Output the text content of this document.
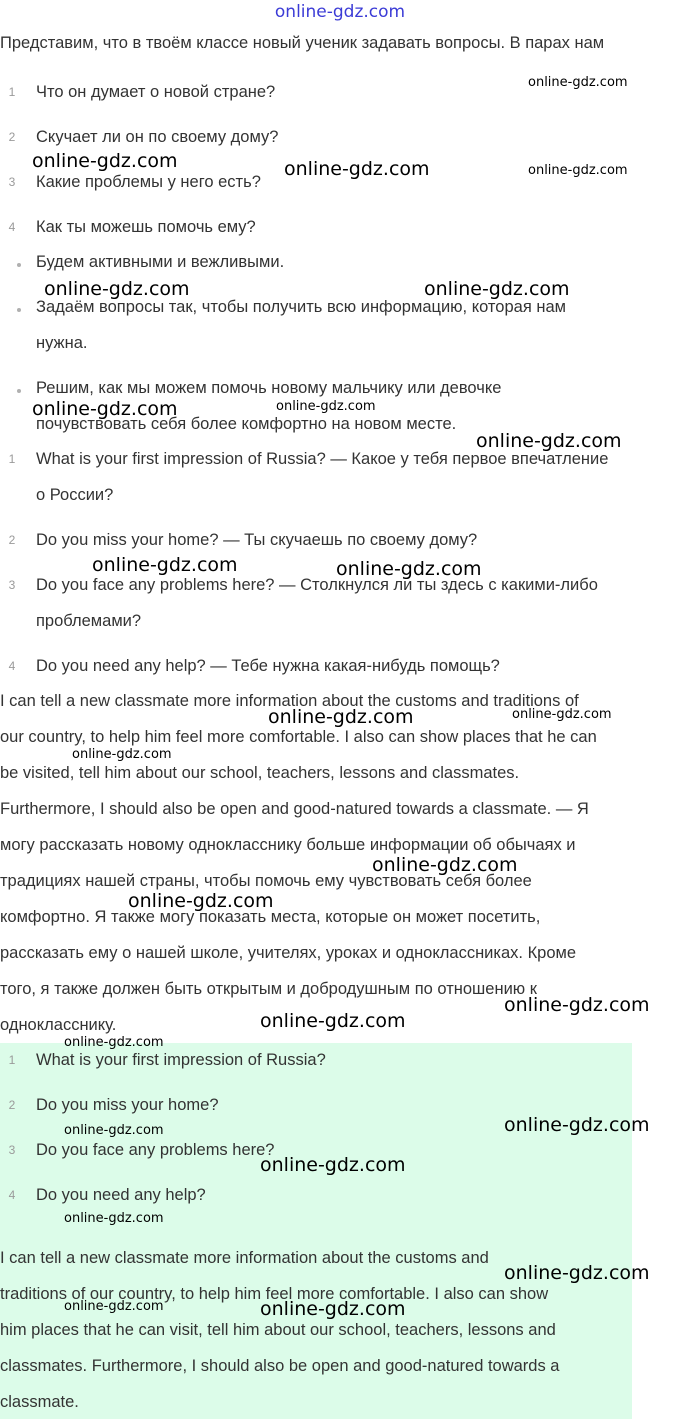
online-gdz.com
Представим, что в твоём классе новый ученик задавать вопросы. В парах нам
1	Что он думает о новой стране?
2	Скучает ли он по своему дому?
3	Какие проблемы у него есть?
4	Как ты можешь помочь ему?
Будем активными и вежливыми.
Задаём вопросы так, чтобы получить всю информацию, которая нам
нужна.
Решим, как мы можем помочь новому мальчику или девочке
почувствовать себя более комфортно на новом месте.
1	What is your first impression of Russia? — Какое у тебя первое впечатление
о России?
2	Do you miss your home? — Ты скучаешь по своему дому?
3	Do you face any problems here? — Столкнулся ли ты здесь с какими-либо
проблемами?
4	Do you need any help? — Тебе нужна какая-нибудь помощь?
I can tell a new classmate more information about the customs and traditions of
our country, to help him feel more comfortable. I also can show places that he can
be visited, tell him about our school, teachers, lessons and classmates.
Furthermore, I should also be open and good-natured towards a classmate. — Я
могу рассказать новому однокласснику больше информации об обычаях и
традициях нашей страны, чтобы помочь ему чувствовать себя более
комфортно. Я также могу показать места, которые он может посетить,
рассказать ему о нашей школе, учителях, уроках и одноклассниках. Кроме
того, я также должен быть открытым и добродушным по отношению к
однокласснику.
1	What is your first impression of Russia?
2	Do you miss your home?
3	Do you face any problems here?
4	Do you need any help?
I can tell a new classmate more information about the customs and
traditions of our country, to help him feel more comfortable. I also can show
him places that he can visit, tell him about our school, teachers, lessons and
classmates. Furthermore, I should also be open and good-natured towards a
classmate.
online-gdz.com
online-gdz.com	online-gdz.com	online-gdz.com
online-gdz.com	online-gdz.com
online-gdz.com	online-gdz.com
online-gdz.com
online-gdz.com	online-gdz.com
online-gdz.com	online-gdz.com
online-gdz.com
online-gdz.com
online-gdz.com
online-gdz.com
online-gdz.com
online-gdz.com
online-gdz.com
online-gdz.com
online-gdz.com
online-gdz.com
online-gdz.com
online-gdz.com	online-gdz.com
